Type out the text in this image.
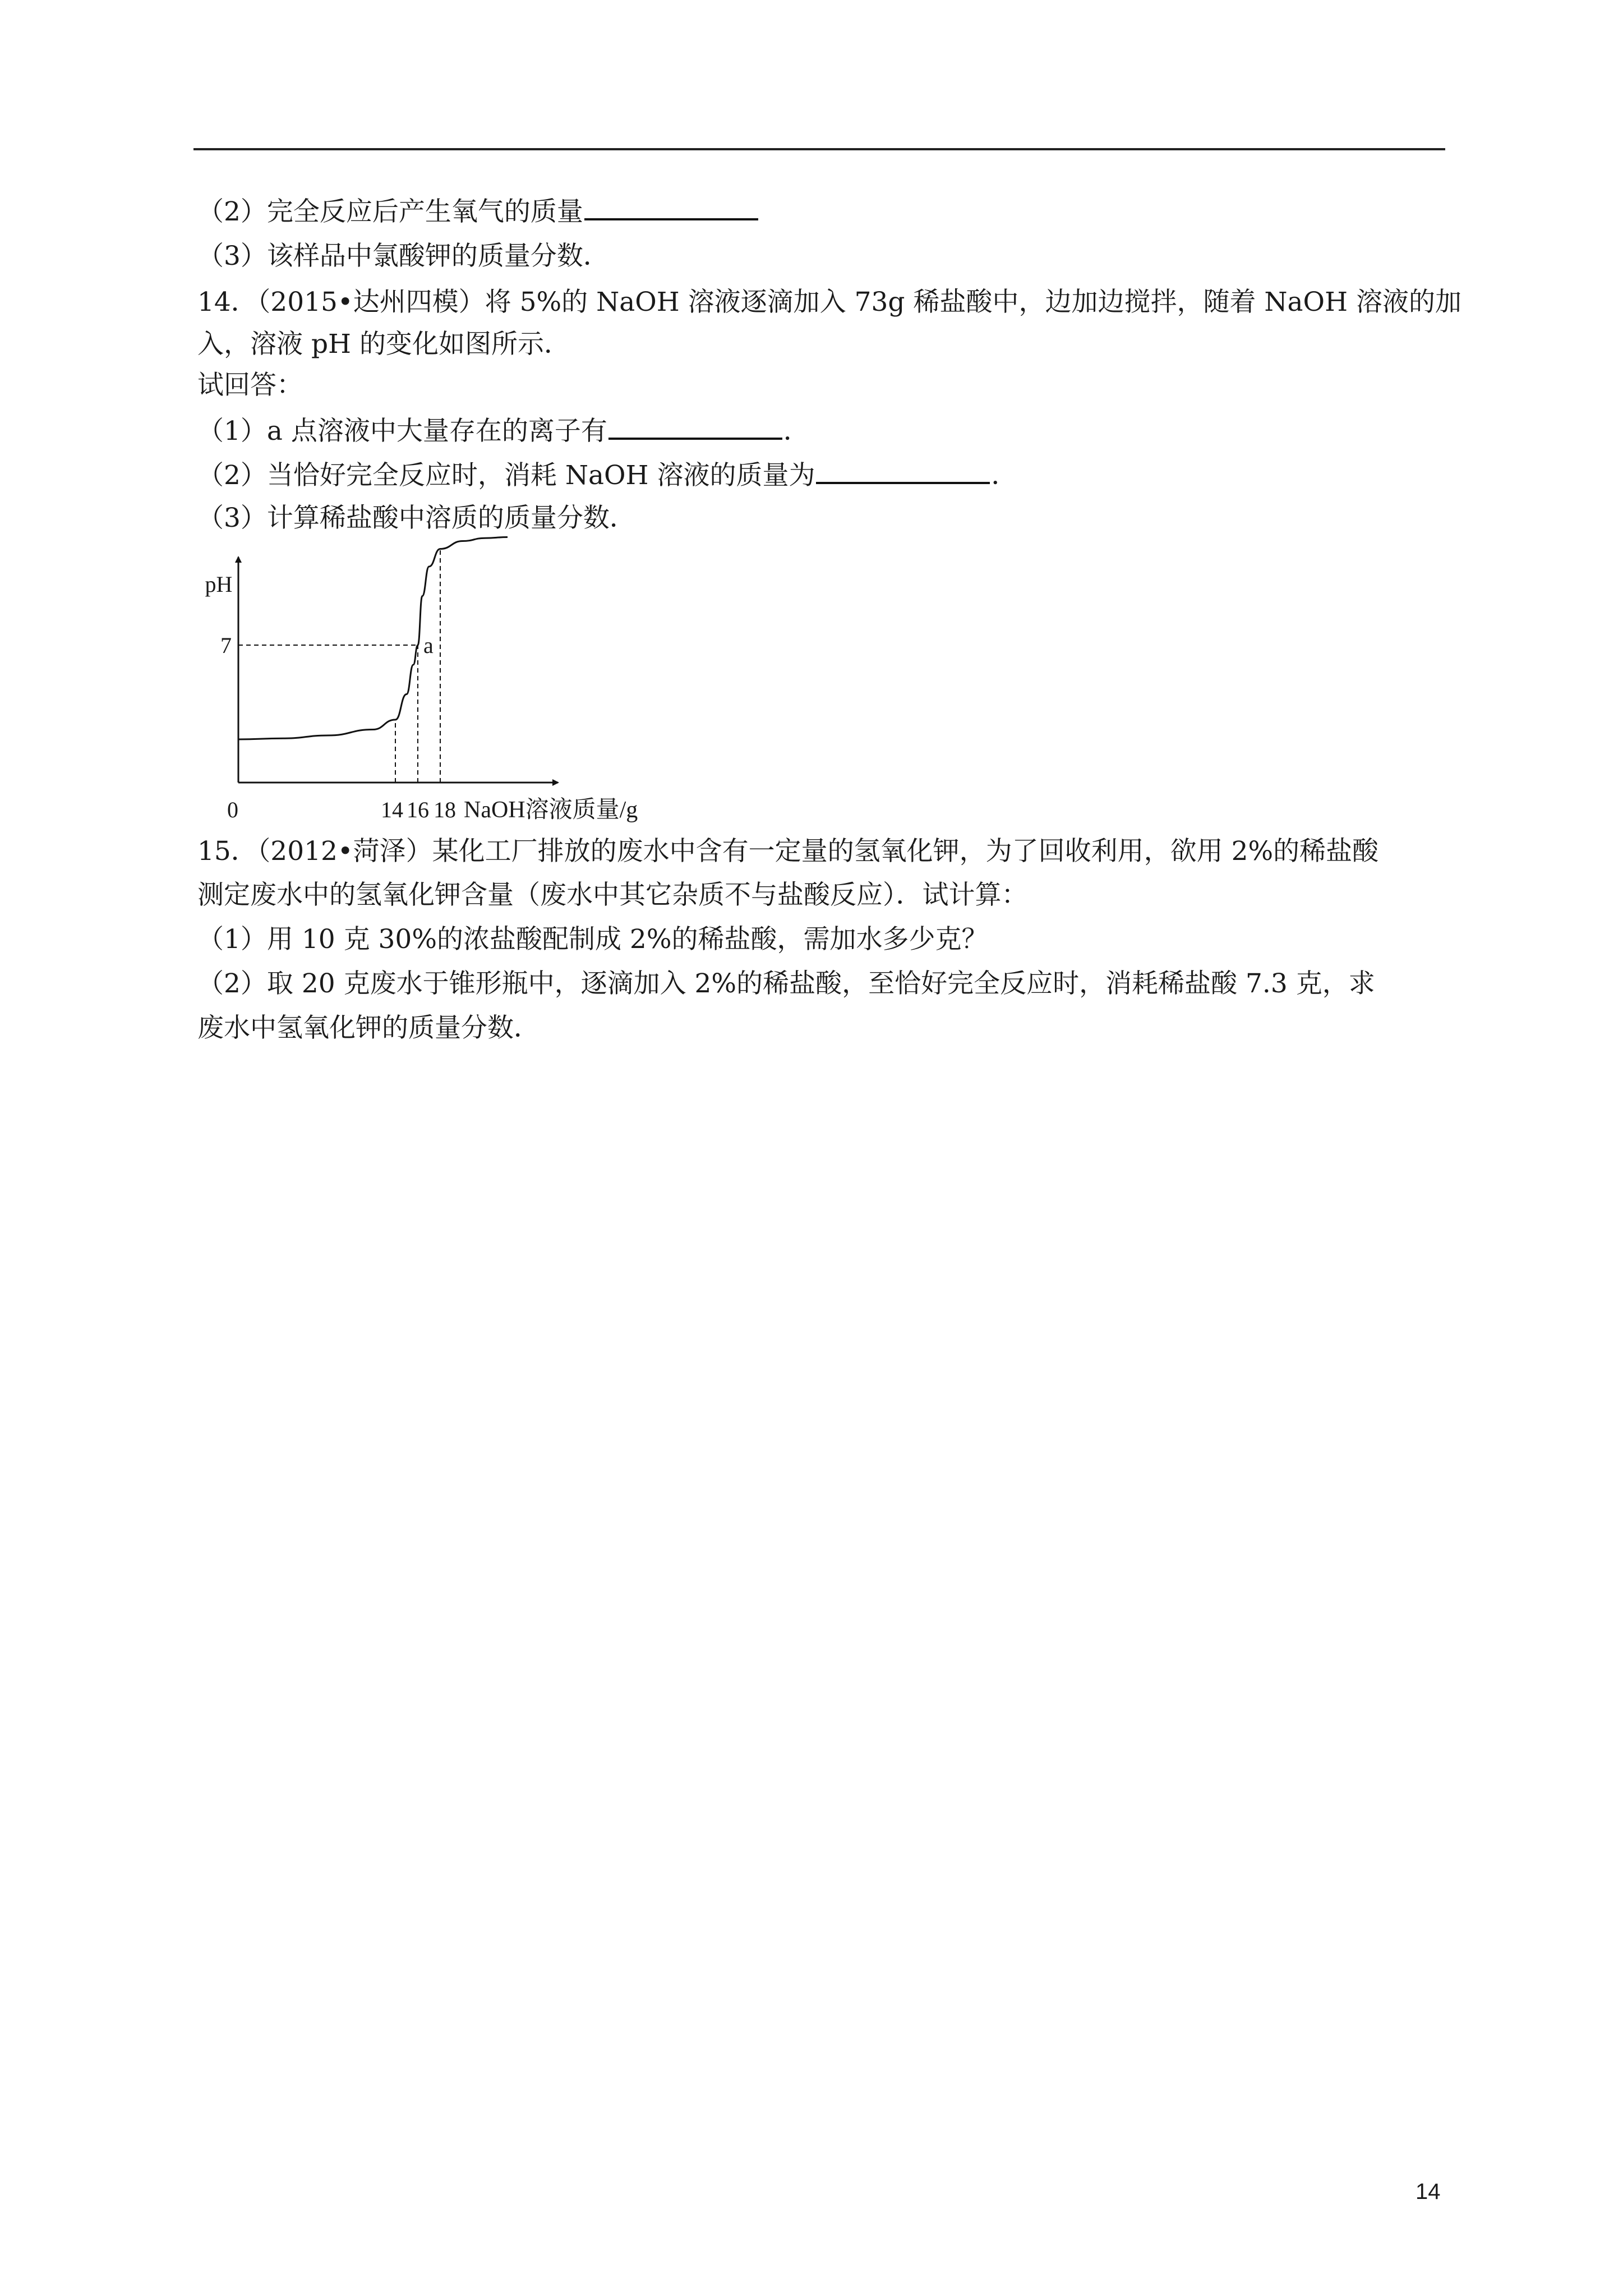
（2）完全反应后产生氧气的质量
（3）该样品中氯酸钾的质量分数．
14．（2015•达州四模）将 5%的 NaOH 溶液逐滴加入 73g 稀盐酸中，边加边搅拌，随着 NaOH 溶液的加
入，溶液 pH 的变化如图所示．
试回答：
（1）a 点溶液中大量存在的离子有	．
（2）当恰好完全反应时，消耗 NaOH 溶液的质量为	．
（3）计算稀盐酸中溶质的质量分数．
pH
7
0	14 16 18 NaOH溶液质量/g
a
15．（2012•菏泽）某化工厂排放的废水中含有一定量的氢氧化钾，为了回收利用，欲用 2%的稀盐酸
测定废水中的氢氧化钾含量（废水中其它杂质不与盐酸反应）．试计算：
（1）用 10 克 30%的浓盐酸配制成 2%的稀盐酸，需加水多少克？
（2）取 20 克废水于锥形瓶中，逐滴加入 2%的稀盐酸，至恰好完全反应时，消耗稀盐酸 7.3 克，求
废水中氢氧化钾的质量分数．
14
